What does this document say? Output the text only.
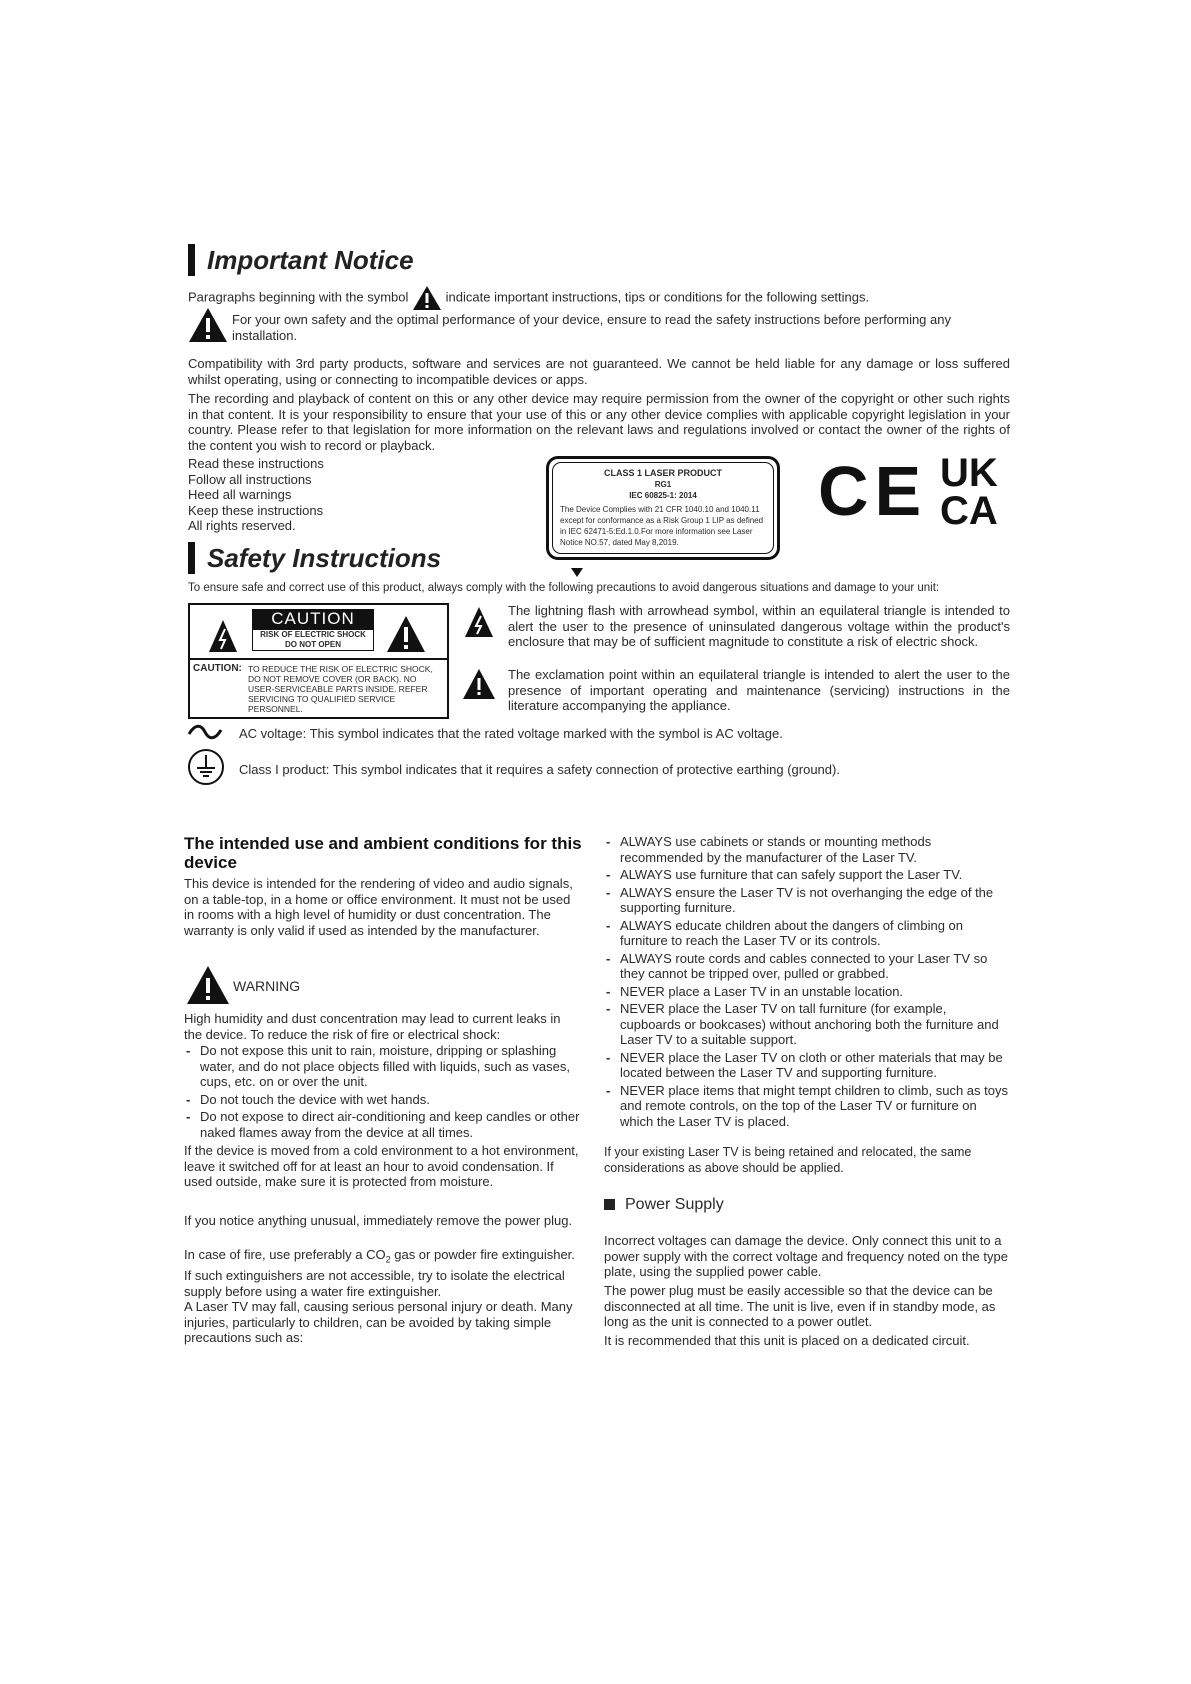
Important Notice
Paragraphs beginning with the symbol	indicate important instructions, tips or conditions for the following settings.

For your own safety and the optimal performance of your device, ensure to read the safety instructions before performing any installation.

Compatibility with 3rd party products, software and services are not guaranteed. We cannot be held liable for any damage or loss suffered whilst operating, using or connecting to incompatible devices or apps.

The recording and playback of content on this or any other device may require permission from the owner of the copyright or other such rights in that content. It is your responsibility to ensure that your use of this or any other device complies with applicable copyright legislation in your country. Please refer to that legislation for more information on the relevant laws and regulations involved or contact the owner of the rights of the content you wish to record or playback.

Read these instructions
Follow all instructions
Heed all warnings
Keep these instructions
All rights reserved.
CLASS 1 LASER PRODUCT
RG1
IEC 60825-1: 2014
The Device Complies with 21 CFR 1040.10 and 1040.11 except for conformance as a Risk Group 1 LIP as defined in IEC 62471-5:Ed.1.0.For more information see Laser Notice NO.57, dated May 8,2019.
CE UK
CA
Safety Instructions

To ensure safe and correct use of this product, always comply with the following precautions to avoid dangerous situations and damage to your unit:

CAUTION
RISK OF ELECTRIC SHOCK
DO NOT OPEN
CAUTION: TO REDUCE THE RISK OF ELECTRIC SHOCK, DO NOT REMOVE COVER (OR BACK). NO USER-SERVICEABLE PARTS INSIDE. REFER SERVICING TO QUALIFIED SERVICE PERSONNEL.

The lightning flash with arrowhead symbol, within an equilateral triangle is intended to alert the user to the presence of uninsulated dangerous voltage within the product's enclosure that may be of sufficient magnitude to constitute a risk of electric shock.

The exclamation point within an equilateral triangle is intended to alert the user to the presence of important operating and maintenance (servicing) instructions in the literature accompanying the appliance.

AC voltage: This symbol indicates that the rated voltage marked with the symbol is AC voltage.

Class I product: This symbol indicates that it requires a safety connection of protective earthing (ground).

The intended use and ambient conditions for this device

This device is intended for the rendering of video and audio signals, on a table-top, in a home or office environment. It must not be used in rooms with a high level of humidity or dust concentration. The warranty is only valid if used as intended by the manufacturer.

WARNING

High humidity and dust concentration may lead to current leaks in the device. To reduce the risk of fire or electrical shock:

- Do not expose this unit to rain, moisture, dripping or splashing water, and do not place objects filled with liquids, such as vases, cups, etc. on or over the unit.
- Do not touch the device with wet hands.
- Do not expose to direct air-conditioning and keep candles or other naked flames away from the device at all times.

If the device is moved from a cold environment to a hot environment, leave it switched off for at least an hour to avoid condensation. If used outside, make sure it is protected from moisture.

If you notice anything unusual, immediately remove the power plug.

In case of fire, use preferably a $CO_2$ gas or powder fire extinguisher. If such extinguishers are not accessible, try to isolate the electrical supply before using a water fire extinguisher.

A Laser TV may fall, causing serious personal injury or death. Many injuries, particularly to children, can be avoided by taking simple precautions such as:

- ALWAYS use cabinets or stands or mounting methods recommended by the manufacturer of the Laser TV.
- ALWAYS use furniture that can safely support the Laser TV.
- ALWAYS ensure the Laser TV is not overhanging the edge of the supporting furniture.
- ALWAYS educate children about the dangers of climbing on furniture to reach the Laser TV or its controls.
- ALWAYS route cords and cables connected to your Laser TV so they cannot be tripped over, pulled or grabbed.
- NEVER place a Laser TV in an unstable location.
- NEVER place the Laser TV on tall furniture (for example, cupboards or bookcases) without anchoring both the furniture and Laser TV to a suitable support.
- NEVER place the Laser TV on cloth or other materials that may be located between the Laser TV and supporting furniture.
- NEVER place items that might tempt children to climb, such as toys and remote controls, on the top of the Laser TV or furniture on which the Laser TV is placed.

If your existing Laser TV is being retained and relocated, the same considerations as above should be applied.

Power Supply

Incorrect voltages can damage the device. Only connect this unit to a power supply with the correct voltage and frequency noted on the type plate, using the supplied power cable.

The power plug must be easily accessible so that the device can be disconnected at all time. The unit is live, even if in standby mode, as long as the unit is connected to a power outlet.

It is recommended that this unit is placed on a dedicated circuit.
